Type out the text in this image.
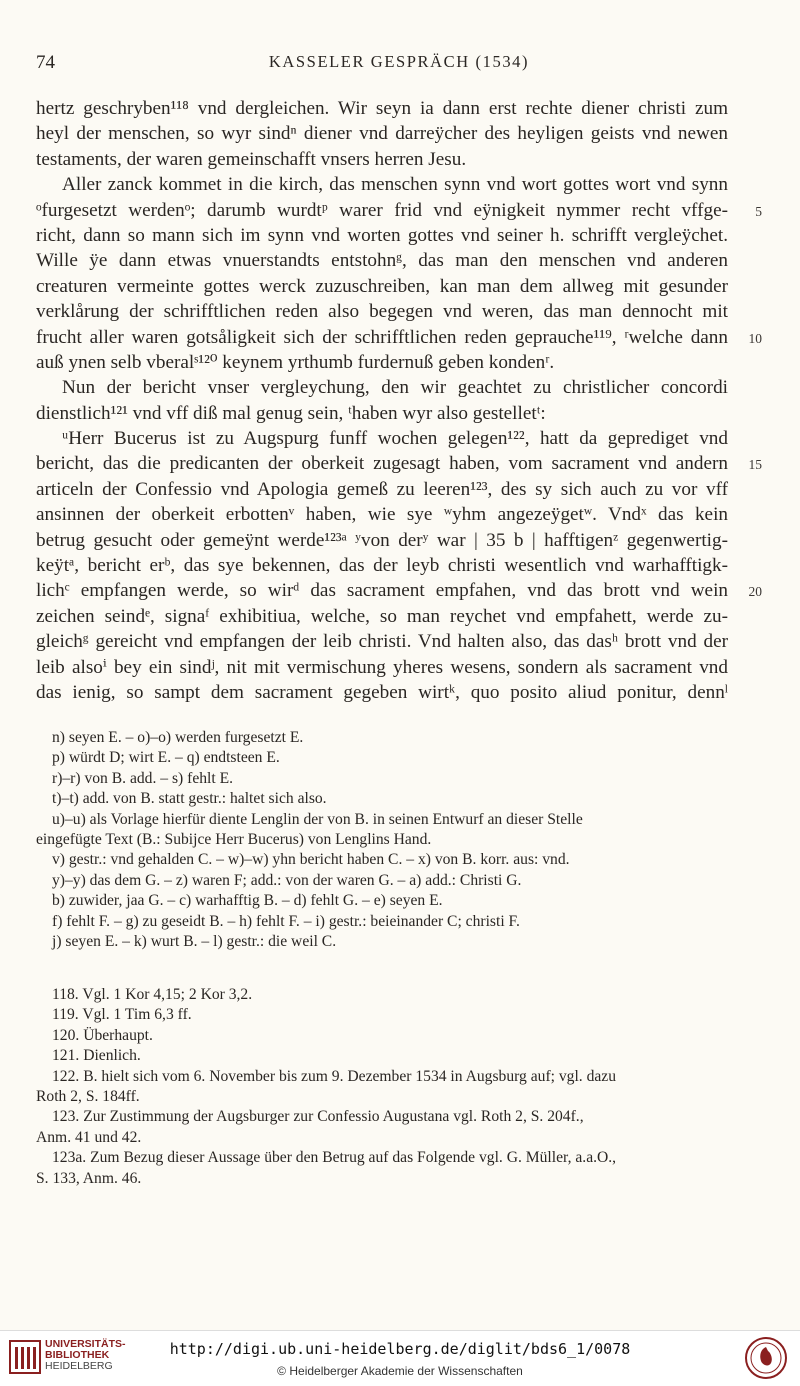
74	KASSELER GESPRÄCH (1534)
hertz geschryben¹¹⁸ vnd dergleichen. Wir seyn ia dann erst rechte diener christi zum
heyl der menschen, so wyr sindⁿ diener vnd darreÿcher des heyligen geists vnd newen
testaments, der waren gemeinschafft vnsers herren Jesu.
Aller zanck kommet in die kirch, das menschen synn vnd wort gottes wort vnd synn
ᵒfurgesetzt werdenᵒ; darumb wurdtᵖ warer frid vnd eÿnigkeit nymmer recht vffge- 5
richt, dann so mann sich im synn vnd worten gottes vnd seiner h. schrifft vergleÿchet.
Wille ÿe dann etwas vnuerstandts entstohnᵍ, das man den menschen vnd anderen
creaturen vermeinte gottes werck zuzuschreiben, kan man dem allweg mit gesunder
verklårung der schrifftlichen reden also begegen vnd weren, das man dennocht mit
frucht aller waren gotsåligkeit sich der schrifftlichen reden geprauche¹¹⁹, ʳwelche dann 10
auß ynen selb vberalˢ¹²⁰ keynem yrthumb furdernuß geben kondenʳ.
Nun der bericht vnser vergleychung, den wir geachtet zu christlicher concordi
dienstlich¹²¹ vnd vff diß mal genug sein, ᵗhaben wyr also gestelletᵗ:
ᵘHerr Bucerus ist zu Augspurg funff wochen gelegen¹²², hatt da geprediget vnd
bericht, das die predicanten der oberkeit zugesagt haben, vom sacrament vnd andern 15
articeln der Confessio vnd Apologia gemeß zu leeren¹²³, des sy sich auch zu vor vff
ansinnen der oberkeit erbottenᵛ haben, wie sye ʷyhm angezeÿgetʷ. Vndˣ das kein
betrug gesucht oder gemeÿnt werde¹²³ᵃ ʸvon derʸ war | 35 b | hafftigenᶻ gegenwertig-
keÿtᵃ, bericht erᵇ, das sye bekennen, das der leyb christi wesentlich vnd warhafftigk-
lichᶜ empfangen werde, so wirᵈ das sacrament empfahen, vnd das brott vnd wein 20
zeichen seindᵉ, signaᶠ exhibitiua, welche, so man reychet vnd empfahett, werde zu-
gleichᵍ gereicht vnd empfangen der leib christi. Vnd halten also, das dasʰ brott vnd der
leib alsoⁱ bey ein sindʲ, nit mit vermischung yheres wesens, sondern als sacrament vnd
das ienig, so sampt dem sacrament gegeben wirtᵏ, quo posito aliud ponitur, dennˡ
n) seyen E. – o)–o) werden furgesetzt E.
p) würdt D; wirt E. – q) endtsteen E.
r)–r) von B. add. – s) fehlt E.
t)–t) add. von B. statt gestr.: haltet sich also.
u)–u) als Vorlage hierfür diente Lenglin der von B. in seinen Entwurf an dieser Stelle
eingefügte Text (B.: Subijce Herr Bucerus) von Lenglins Hand.
v) gestr.: vnd gehalden C. – w)–w) yhn bericht haben C. – x) von B. korr. aus: vnd.
y)–y) das dem G. – z) waren F; add.: von der waren G. – a) add.: Christi G.
b) zuwider, jaa G. – c) warhafftig B. – d) fehlt G. – e) seyen E.
f) fehlt F. – g) zu geseidt B. – h) fehlt F. – i) gestr.: beieinander C; christi F.
j) seyen E. – k) wurt B. – l) gestr.: die weil C.
118. Vgl. 1 Kor 4,15; 2 Kor 3,2.
119. Vgl. 1 Tim 6,3 ff.
120. Überhaupt.
121. Dienlich.
122. B. hielt sich vom 6. November bis zum 9. Dezember 1534 in Augsburg auf; vgl. dazu
Roth 2, S. 184ff.
123. Zur Zustimmung der Augsburger zur Confessio Augustana vgl. Roth 2, S. 204f.,
Anm. 41 und 42.
123a. Zum Bezug dieser Aussage über den Betrug auf das Folgende vgl. G. Müller, a.a.O.,
S. 133, Anm. 46.
UNIVERSITÄTS-
BIBLIOTHEK
HEIDELBERG
http://digi.ub.uni-heidelberg.de/diglit/bds6_1/0078
© Heidelberger Akademie der Wissenschaften
